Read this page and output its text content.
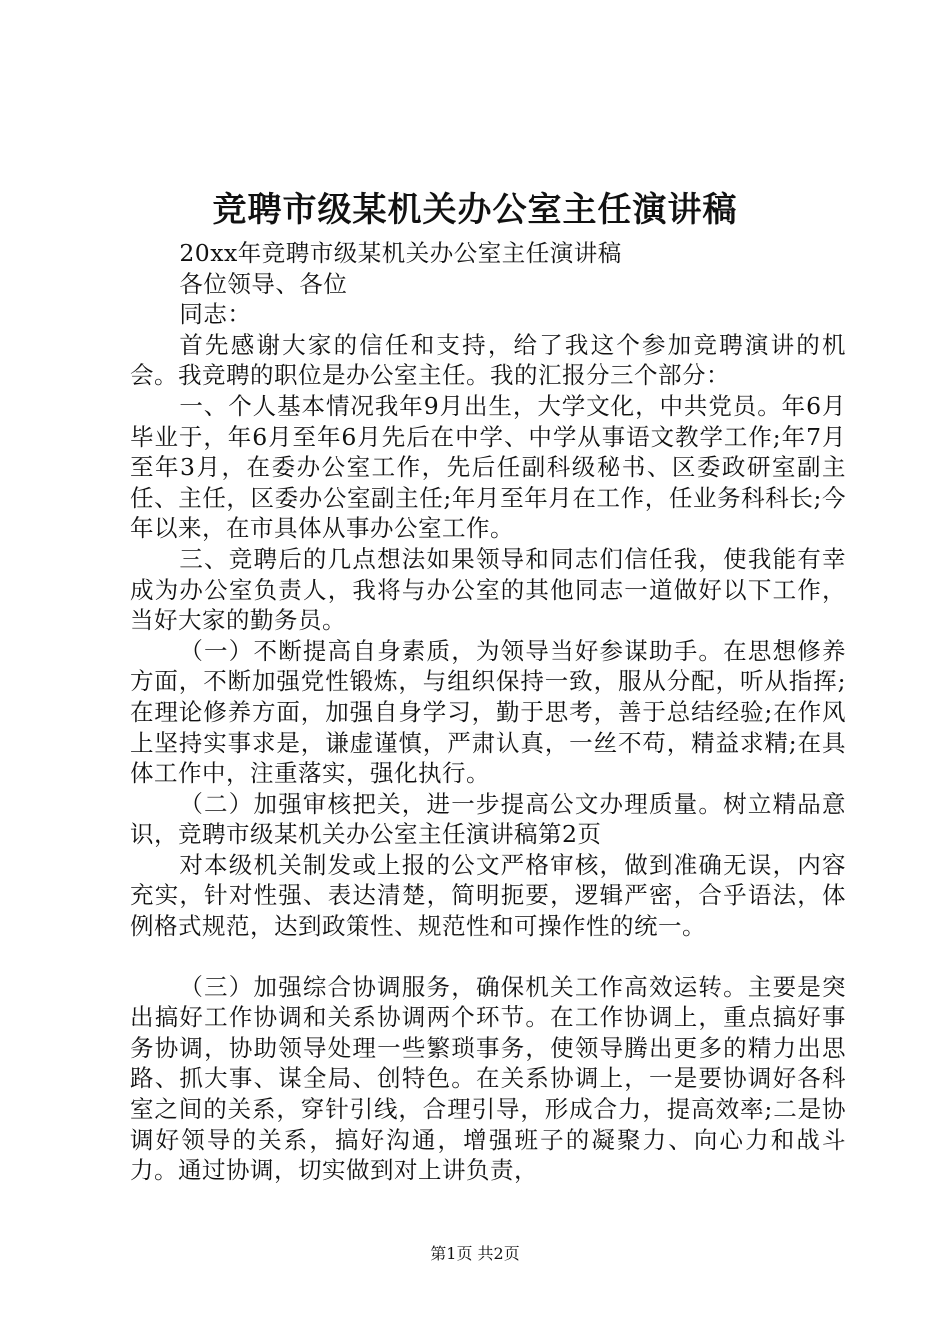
竞聘市级某机关办公室主任演讲稿

20xx年竞聘市级某机关办公室主任演讲稿

各位领导、各位

同志：

首先感谢大家的信任和支持，给了我这个参加竞聘演讲的机会。我竞聘的职位是办公室主任。我的汇报分三个部分：

一、个人基本情况我年9月出生，大学文化，中共党员。年6月毕业于，年6月至年6月先后在中学、中学从事语文教学工作;年7月至年3月，在委办公室工作，先后任副科级秘书、区委政研室副主任、主任，区委办公室副主任;年月至年月在工作，任业务科科长;今年以来，在市具体从事办公室工作。

三、竞聘后的几点想法如果领导和同志们信任我，使我能有幸成为办公室负责人，我将与办公室的其他同志一道做好以下工作，当好大家的勤务员。

（一）不断提高自身素质，为领导当好参谋助手。在思想修养方面，不断加强党性锻炼，与组织保持一致，服从分配，听从指挥;在理论修养方面，加强自身学习，勤于思考，善于总结经验;在作风上坚持实事求是，谦虚谨慎，严肃认真，一丝不苟，精益求精;在具体工作中，注重落实，强化执行。

（二）加强审核把关，进一步提高公文办理质量。树立精品意识，竞聘市级某机关办公室主任演讲稿第2页

对本级机关制发或上报的公文严格审核，做到准确无误，内容充实，针对性强、表达清楚，简明扼要，逻辑严密，合乎语法，体例格式规范，达到政策性、规范性和可操作性的统一。

（三）加强综合协调服务，确保机关工作高效运转。主要是突出搞好工作协调和关系协调两个环节。在工作协调上，重点搞好事务协调，协助领导处理一些繁琐事务，使领导腾出更多的精力出思路、抓大事、谋全局、创特色。在关系协调上，一是要协调好各科室之间的关系，穿针引线，合理引导，形成合力，提高效率;二是协调好领导的关系，搞好沟通，增强班子的凝聚力、向心力和战斗力。通过协调，切实做到对上讲负责，

第1页 共2页
